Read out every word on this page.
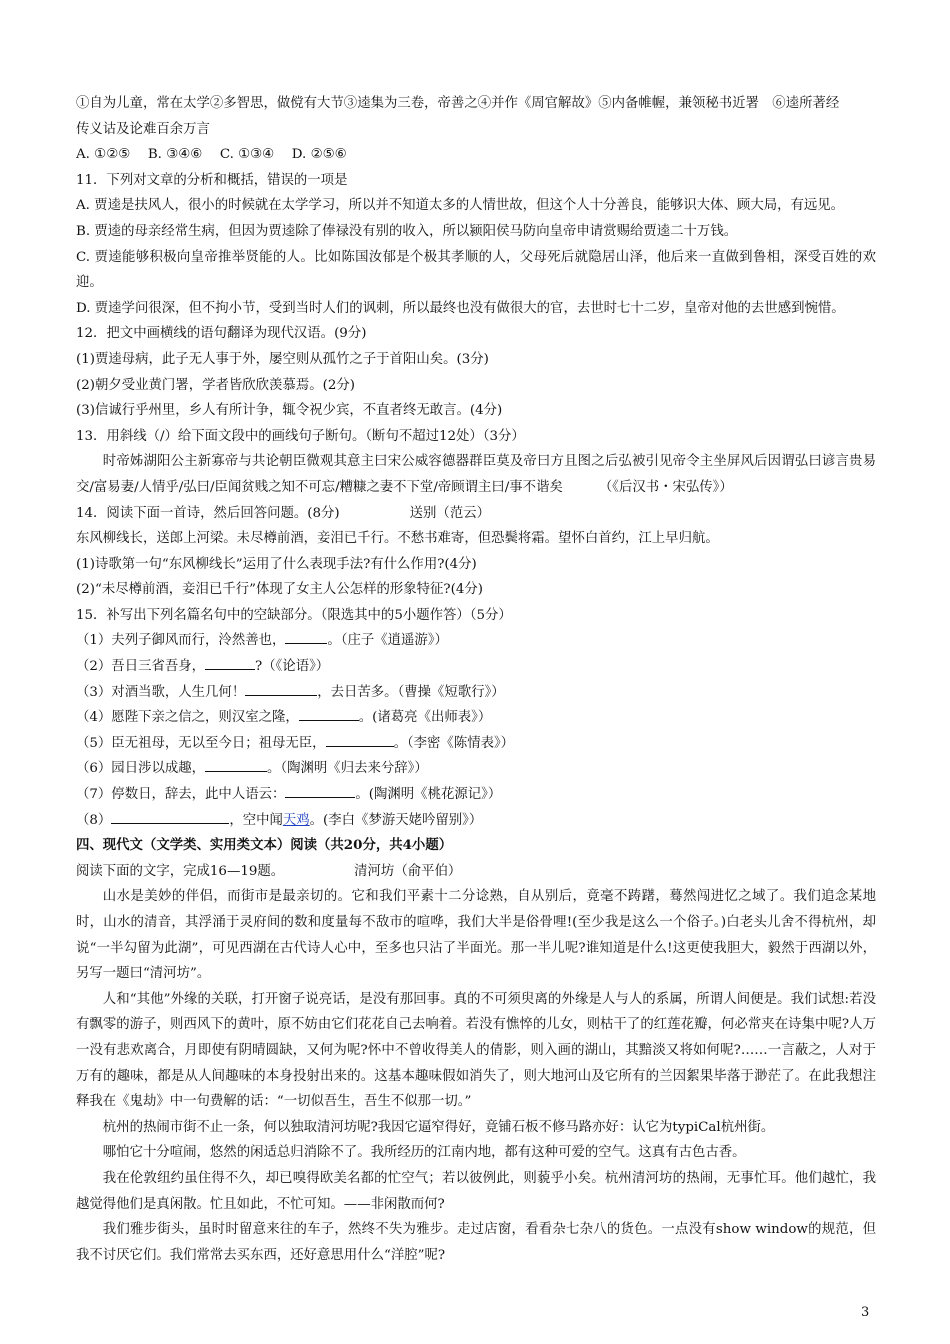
①自为儿童，常在太学②多智思，做傥有大节③逵集为三卷，帝善之④并作《周官解故》⑤内备帷幄，兼领秘书近署　⑥逵所著经
传义诂及论难百余万言
A. ①②⑤　 B. ③④⑥　 C. ①③④　 D. ②⑤⑥
11．下列对文章的分析和概括，错误的一项是
A. 贾逵是扶风人，很小的时候就在太学学习，所以并不知道太多的人情世故，但这个人十分善良，能够识大体、顾大局，有远见。
B. 贾逵的母亲经常生病，但因为贾逵除了俸禄没有别的收入，所以颍阳侯马防向皇帝申请赏赐给贾逵二十万钱。
C. 贾逵能够积极向皇帝推举贤能的人。比如陈国汝郁是个极其孝顺的人，父母死后就隐居山泽，他后来一直做到鲁相，深受百姓的欢迎。
D. 贾逵学问很深，但不拘小节，受到当时人们的讽刺，所以最终也没有做很大的官，去世时七十二岁，皇帝对他的去世感到惋惜。
12．把文中画横线的语句翻译为现代汉语。(9分)
(1)贾逵母病，此子无人事于外，屡空则从孤竹之子于首阳山矣。(3分)
(2)朝夕受业黄门署，学者皆欣欣羡慕焉。(2分)
(3)信诚行乎州里，乡人有所计争，辄令祝少宾，不直者终无敢言。(4分)
13．用斜线（/）给下面文段中的画线句子断句。（断句不超过12处）（3分）
时帝姊湖阳公主新寡帝与共论朝臣微观其意主曰宋公威容德器群臣莫及帝曰方且图之后弘被引见帝令主坐屏风后因谓弘曰谚言贵易交/富易妻/人情乎/弘曰/臣闻贫贱之知不可忘/糟糠之妻不下堂/帝顾谓主曰/事不谐矣	（《后汉书・宋弘传》）
14．阅读下面一首诗，然后回答问题。(8分)	送别（范云）
东风柳线长，送郎上河梁。未尽樽前酒，妾泪已千行。不愁书难寄，但恐鬓将霜。望怀白首约，江上早归航。
(1)诗歌第一句“东风柳线长”运用了什么表现手法?有什么作用?(4分)
(2)“未尽樽前酒，妾泪已千行”体现了女主人公怎样的形象特征?(4分)
15．补写出下列名篇名句中的空缺部分。（限选其中的5小题作答）（5分）
（1）夫列子御风而行，泠然善也，	。（庄子《逍遥游》）
（2）吾日三省吾身，	?（《论语》）
（3）对酒当歌，人生几何！	，去日苦多。（曹操《短歌行》）
（4）愿陛下亲之信之，则汉室之隆，	。(诸葛亮《出师表》）
（5）臣无祖母，无以至今日；祖母无臣，	。（李密《陈情表》）
（6）园日涉以成趣，	。（陶渊明《归去来兮辞》）
（7）停数日，辞去，此中人语云：	。(陶渊明《桃花源记》）
（8）	，空中闻天鸡。(李白《梦游天姥吟留别》）
四、现代文（文学类、实用类文本）阅读（共20分，共4小题）
阅读下面的文字，完成16—19题。	清河坊（俞平伯）
山水是美妙的伴侣，而街市是最亲切的。它和我们平素十二分谂熟，自从别后，竟毫不踌躇，蓦然闯进忆之域了。我们追念某地时，山水的清音，其浮涌于灵府间的数和度量每不敌市的喧哗，我们大半是俗骨哩!(至少我是这么一个俗子。)白老头儿舍不得杭州，却说“一半勾留为此湖”，可见西湖在古代诗人心中，至多也只沾了半面光。那一半儿呢?谁知道是什么!这更使我胆大，毅然于西湖以外，另写一题曰“清河坊”。
人和“其他”外缘的关联，打开窗子说亮话，是没有那回事。真的不可须臾离的外缘是人与人的系属，所谓人间便是。我们试想:若没有飘零的游子，则西风下的黄叶，原不妨由它们花花自己去响着。若没有憔悴的儿女，则枯干了的红莲花瓣，何必常夹在诗集中呢?人万一没有悲欢离合，月即使有阴晴圆缺，又何为呢?怀中不曾收得美人的倩影，则入画的湖山，其黯淡又将如何呢?……一言蔽之，人对于万有的趣味，都是从人间趣味的本身投射出来的。这基本趣味假如消失了，则大地河山及它所有的兰因絮果毕落于渺茫了。在此我想注释我在《鬼劫》中一句费解的话：“一切似吾生，吾生不似那一切。”
杭州的热闹市街不止一条，何以独取清河坊呢?我因它逼窄得好，竟铺石板不修马路亦好：认它为typiCal杭州街。
哪怕它十分喧闹，悠然的闲适总归消除不了。我所经历的江南内地，都有这种可爱的空气。这真有古色古香。
我在伦敦纽约虽住得不久，却已嗅得欧美名都的忙空气；若以彼例此，则藐乎小矣。杭州清河坊的热闹，无事忙耳。他们越忙，我越觉得他们是真闲散。忙且如此，不忙可知。——非闲散而何?
我们雅步街头，虽时时留意来往的车子，然终不失为雅步。走过店窗，看看杂七杂八的货色。一点没有show window的规范，但我不讨厌它们。我们常常去买东西，还好意思用什么“洋腔”呢?
3
